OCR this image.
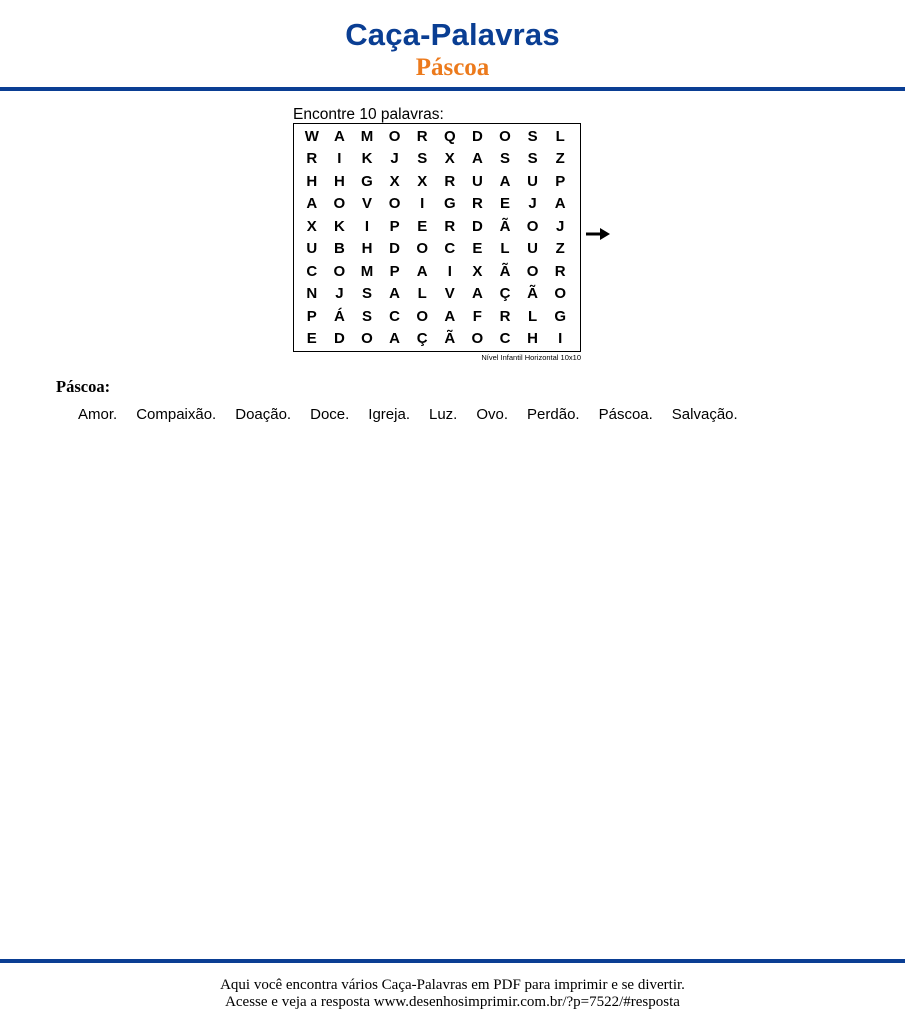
Caça-Palavras
Páscoa
Encontre 10 palavras:
W	A	M	O	R	Q	D	O	S	L
R	I	K	J	S	X	A	S	S	Z
H	H	G	X	X	R	U	A	U	P
A	O	V	O	I	G	R	E	J	A
X	K	I	P	E	R	D	Ã	O	J
U	B	H	D	O	C	E	L	U	Z
C	O	M	P	A	I	X	Ã	O	R
N	J	S	A	L	V	A	Ç	Ã	O
P	Á	S	C	O	A	F	R	L	G
E	D	O	A	Ç	Ã	O	C	H	I
Nível Infantil Horizontal 10x10
Páscoa:
Amor. Compaixão. Doação. Doce. Igreja. Luz. Ovo. Perdão. Páscoa. Salvação.
Aqui você encontra vários Caça-Palavras em PDF para imprimir e se divertir.
Acesse e veja a resposta www.desenhosimprimir.com.br/?p=7522/#resposta
